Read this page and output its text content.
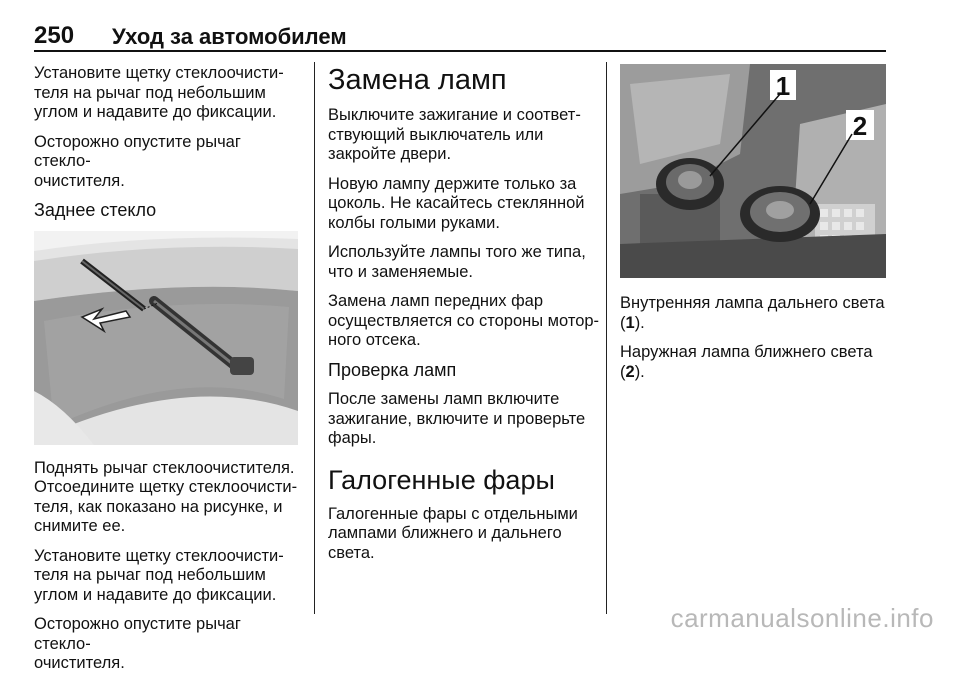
250 Уход за автомобилем

Установите щетку стеклоочисти-
теля на рычаг под небольшим
углом и надавите до фиксации.

Осторожно опустите рычаг стекло-
очистителя.

Заднее стекло

Поднять рычаг стеклоочистителя.
Отсоедините щетку стеклоочисти-
теля, как показано на рисунке, и
снимите ее.

Установите щетку стеклоочисти-
теля на рычаг под небольшим
углом и надавите до фиксации.

Осторожно опустите рычаг стекло-
очистителя.

Замена ламп

Выключите зажигание и соответ-
ствующий выключатель или
закройте двери.

Новую лампу держите только за
цоколь. Не касайтесь стеклянной
колбы голыми руками.

Используйте лампы того же типа,
что и заменяемые.

Замена ламп передних фар
осуществляется со стороны мотор-
ного отсека.

Проверка ламп

После замены ламп включите
зажигание, включите и проверьте
фары.

Галогенные фары

Галогенные фары с отдельными
лампами ближнего и дальнего
света.

1
2

Внутренняя лампа дальнего света
(1).

Наружная лампа ближнего света
(2).

carmanualsonline.info
